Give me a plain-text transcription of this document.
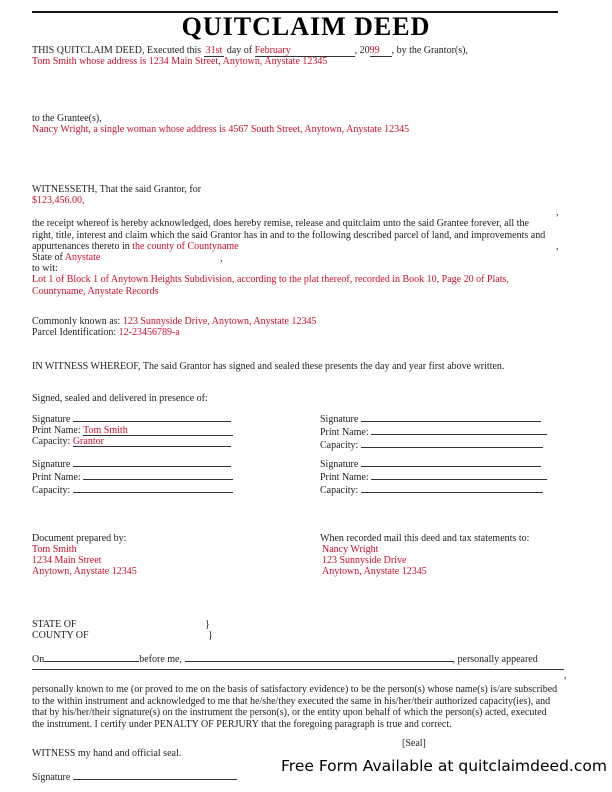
QUITCLAIM DEED
THIS QUITCLAIM DEED, Executed this 31st day of February	, 2099 , by the Grantor(s),
Tom Smith whose address is 1234 Main Street, Anytown, Anystate 12345
to the Grantee(s),
Nancy Wright, a single woman whose address is 4567 South Street, Anytown, Anystate 12345
WITNESSETH, That the said Grantor, for
$123,456.00,
,
the receipt whereof is hereby acknowledged, does hereby remise, release and quitclaim unto the said Grantee forever, all the right, title, interest and claim which the said Grantor has in and to the following described parcel of land, and improvements and appurtenances thereto in the county of Countyname	,
State of Anystate	,
to wit:
Lot 1 of Block 1 of Anytown Heights Subdivision, according to the plat thereof, recorded in Book 10, Page 20 of Plats, Countyname, Anystate Records
Commonly known as: 123 Sunnyside Drive, Anytown, Anystate 12345
Parcel Identification: 12-23456789-a
IN WITNESS WHEREOF, The said Grantor has signed and sealed these presents the day and year first above written.
Signed, sealed and delivered in presence of:
Signature
Print Name: Tom Smith
Capacity: Grantor
Signature
Print Name:
Capacity:
Signature
Print Name:
Capacity:
Signature
Print Name:
Capacity:
Document prepared by:
Tom Smith
1234 Main Street
Anytown, Anystate 12345
When recorded mail this deed and tax statements to:
Nancy Wright
123 Sunnyside Drive
Anytown, Anystate 12345
STATE OF	}
COUNTY OF	}
On	before me,	, personally appeared
,
personally known to me (or proved to me on the basis of satisfactory evidence) to be the person(s) whose name(s) is/are subscribed to the within instrument and acknowledged to me that he/she/they executed the same in his/her/their authorized capacity(ies), and that by his/her/their signature(s) on the instrument the person(s), or the entity upon behalf of which the person(s) acted, executed the instrument. I certify under PENALTY OF PERJURY that the foregoing paragraph is true and correct.
[Seal]
WITNESS my hand and official seal.
Signature
Free Form Available at quitclaimdeed.com
